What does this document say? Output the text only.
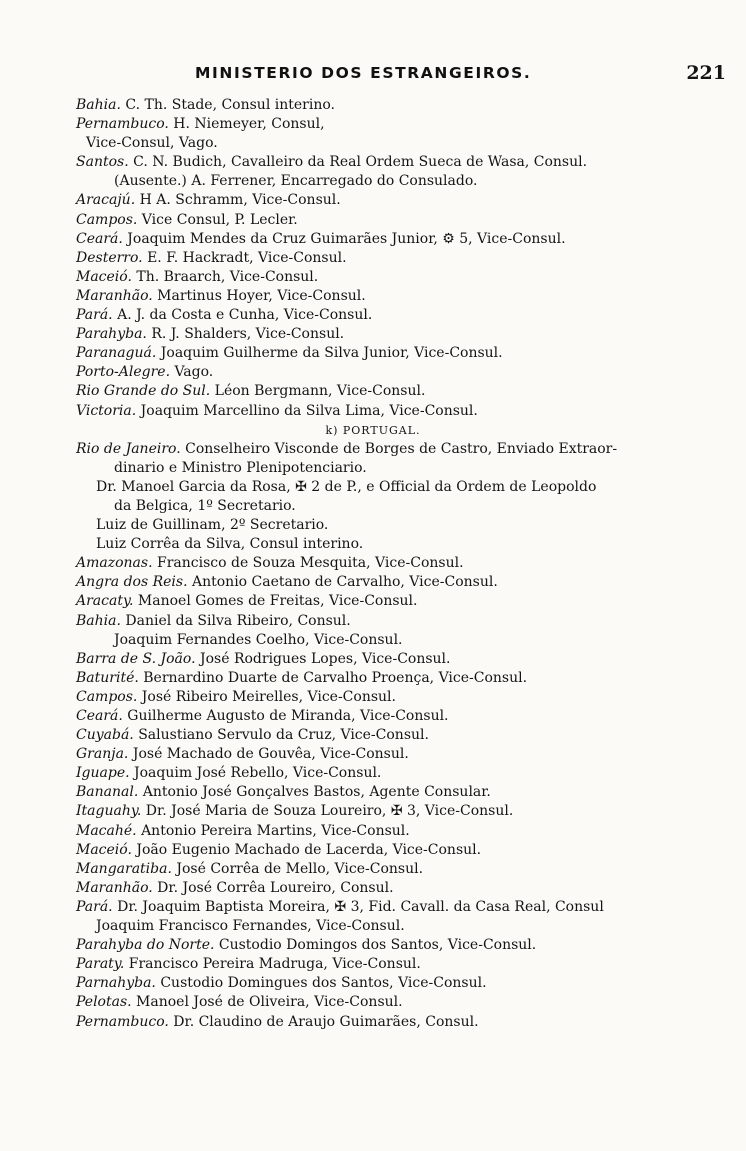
MINISTERIO DOS ESTRANGEIROS.	221
Bahia. C. Th. Stade, Consul interino.
Pernambuco. H. Niemeyer, Consul,
Vice-Consul, Vago.
Santos. C. N. Budich, Cavalleiro da Real Ordem Sueca de Wasa, Consul.
(Ausente.) A. Ferrener, Encarregado do Consulado.
Aracajú. H A. Schramm, Vice-Consul.
Campos. Vice Consul, P. Lecler.
Ceará. Joaquim Mendes da Cruz Guimarães Junior, ⚙ 5, Vice-Consul.
Desterro. E. F. Hackradt, Vice-Consul.
Maceió. Th. Braarch, Vice-Consul.
Maranhão. Martinus Hoyer, Vice-Consul.
Pará. A. J. da Costa e Cunha, Vice-Consul.
Parahyba. R. J. Shalders, Vice-Consul.
Paranaguá. Joaquim Guilherme da Silva Junior, Vice-Consul.
Porto-Alegre. Vago.
Rio Grande do Sul. Léon Bergmann, Vice-Consul.
Victoria. Joaquim Marcellino da Silva Lima, Vice-Consul.
k) PORTUGAL.
Rio de Janeiro. Conselheiro Visconde de Borges de Castro, Enviado Extraor-
dinario e Ministro Plenipotenciario.
Dr. Manoel Garcia da Rosa, ✠ 2 de P., e Official da Ordem de Leopoldo
da Belgica, 1º Secretario.
Luiz de Guillinam, 2º Secretario.
Luiz Corrêa da Silva, Consul interino.
Amazonas. Francisco de Souza Mesquita, Vice-Consul.
Angra dos Reis. Antonio Caetano de Carvalho, Vice-Consul.
Aracaty. Manoel Gomes de Freitas, Vice-Consul.
Bahia. Daniel da Silva Ribeiro, Consul.
Joaquim Fernandes Coelho, Vice-Consul.
Barra de S. João. José Rodrigues Lopes, Vice-Consul.
Baturité. Bernardino Duarte de Carvalho Proença, Vice-Consul.
Campos. José Ribeiro Meirelles, Vice-Consul.
Ceará. Guilherme Augusto de Miranda, Vice-Consul.
Cuyabá. Salustiano Servulo da Cruz, Vice-Consul.
Granja. José Machado de Gouvêa, Vice-Consul.
Iguape. Joaquim José Rebello, Vice-Consul.
Bananal. Antonio José Gonçalves Bastos, Agente Consular.
Itaguahy. Dr. José Maria de Souza Loureiro, ✠ 3, Vice-Consul.
Macahé. Antonio Pereira Martins, Vice-Consul.
Maceió. João Eugenio Machado de Lacerda, Vice-Consul.
Mangaratiba. José Corrêa de Mello, Vice-Consul.
Maranhão. Dr. José Corrêa Loureiro, Consul.
Pará. Dr. Joaquim Baptista Moreira, ✠ 3, Fid. Cavall. da Casa Real, Consul
Joaquim Francisco Fernandes, Vice-Consul.
Parahyba do Norte. Custodio Domingos dos Santos, Vice-Consul.
Paraty. Francisco Pereira Madruga, Vice-Consul.
Parnahyba. Custodio Domingues dos Santos, Vice-Consul.
Pelotas. Manoel José de Oliveira, Vice-Consul.
Pernambuco. Dr. Claudino de Araujo Guimarães, Consul.
